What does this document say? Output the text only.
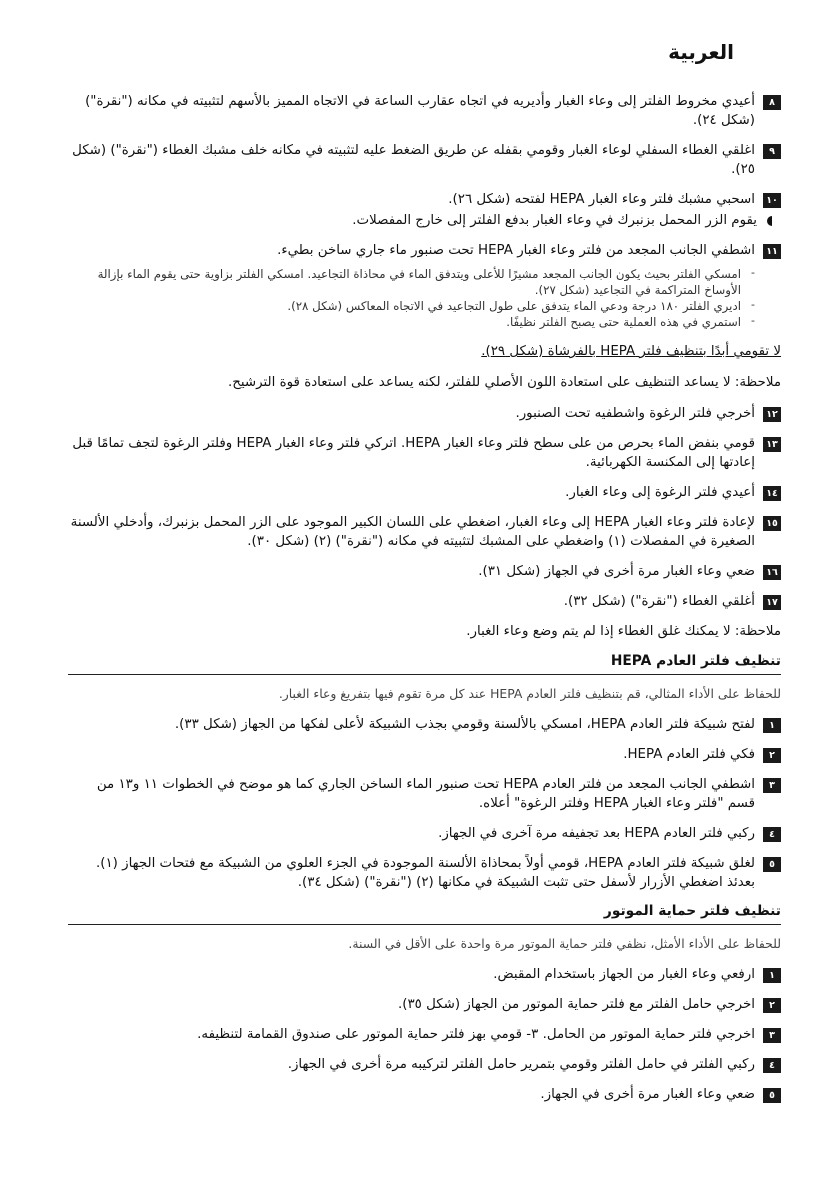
العربية
٨
أعيدي مخروط الفلتر إلى وعاء الغبار وأديريه في اتجاه عقارب الساعة في الاتجاه المميز بالأسهم لتثبيته في مكانه ("نقرة") (شكل ٢٤).
٩
اغلقي الغطاء السفلي لوعاء الغبار وقومي بقفله عن طريق الضغط عليه لتثبيته في مكانه خلف مشبك الغطاء ("نقرة") (شكل ٢٥).
١٠
اسحبي مشبك فلتر وعاء الغبار HEPA لفتحه (شكل ٢٦).
يقوم الزر المحمل بزنبرك في وعاء الغبار بدفع الفلتر إلى خارج المفصلات.
١١
اشطفي الجانب المجعد من فلتر وعاء الغبار HEPA تحت صنبور ماء جاري ساخن بطيء.
-
امسكي الفلتر بحيث يكون الجانب المجعد مشيرًا للأعلى ويتدفق الماء في محاذاة التجاعيد. امسكي الفلتر بزاوية حتى يقوم الماء بإزالة الأوساخ المتراكمة في التجاعيد (شكل ٢٧).
-
اديري الفلتر ١٨٠ درجة ودعي الماء يتدفق على طول التجاعيد في الاتجاه المعاكس (شكل ٢٨).
-
استمري في هذه العملية حتى يصبح الفلتر نظيفًا.
لا تقومي أبدًا بتنظيف فلتر HEPA بالفرشاة (شكل ٢٩).
ملاحظة: لا يساعد التنظيف على استعادة اللون الأصلي للفلتر، لكنه يساعد على استعادة قوة الترشيح.
١٢
أخرجي فلتر الرغوة واشطفيه تحت الصنبور.
١٣
قومي بنفض الماء بحرص من على سطح فلتر وعاء الغبار HEPA. اتركي فلتر وعاء الغبار HEPA وفلتر الرغوة لتجف تمامًا قبل إعادتها إلى المكنسة الكهربائية.
١٤
أعيدي فلتر الرغوة إلى وعاء الغبار.
١٥
لإعادة فلتر وعاء الغبار HEPA إلى وعاء الغبار، اضغطي على اللسان الكبير الموجود على الزر المحمل بزنبرك، وأدخلي الألسنة الصغيرة في المفصلات (١) واضغطي على المشبك لتثبيته في مكانه ("نقرة") (٢) (شكل ٣٠).
١٦
ضعي وعاء الغبار مرة أخرى في الجهاز (شكل ٣١).
١٧
أغلقي الغطاء ("نقرة") (شكل ٣٢).
ملاحظة: لا يمكنك غلق الغطاء إذا لم يتم وضع وعاء الغبار.
تنظيف فلتر العادم HEPA
للحفاظ على الأداء المثالي، قم بتنظيف فلتر العادم HEPA عند كل مرة تقوم فيها بتفريغ وعاء الغبار.
١
لفتح شبيكة فلتر العادم HEPA، امسكي بالألسنة وقومي بجذب الشبيكة لأعلى لفكها من الجهاز (شكل ٣٣).
٢
فكي فلتر العادم HEPA.
٣
اشطفي الجانب المجعد من فلتر العادم HEPA تحت صنبور الماء الساخن الجاري كما هو موضح في الخطوات ١١ و١٣ من قسم "فلتر وعاء الغبار HEPA وفلتر الرغوة" أعلاه.
٤
ركبي فلتر العادم HEPA بعد تجفيفه مرة آخرى في الجهاز.
٥
لغلق شبيكة فلتر العادم HEPA، قومي أولاً بمحاذاة الألسنة الموجودة في الجزء العلوي من الشبيكة مع فتحات الجهاز (١). بعدئذ اضغطي الأزرار لأسفل حتى تثبت الشبيكة في مكانها (٢) ("نقرة") (شكل ٣٤).
تنظيف فلتر حماية الموتور
للحفاظ على الأداء الأمثل، نظفي فلتر حماية الموتور مرة واحدة على الأقل في السنة.
١
ارفعي وعاء الغبار من الجهاز باستخدام المقبض.
٢
اخرجي حامل الفلتر مع فلتر حماية الموتور من الجهاز (شكل ٣٥).
٣
اخرجي فلتر حماية الموتور من الحامل. ٣- قومي بهز فلتر حماية الموتور على صندوق القمامة لتنظيفه.
٤
ركبي الفلتر في حامل الفلتر وقومي بتمرير حامل الفلتر لتركيبه مرة أخرى في الجهاز.
٥
ضعي وعاء الغبار مرة أخرى في الجهاز.
